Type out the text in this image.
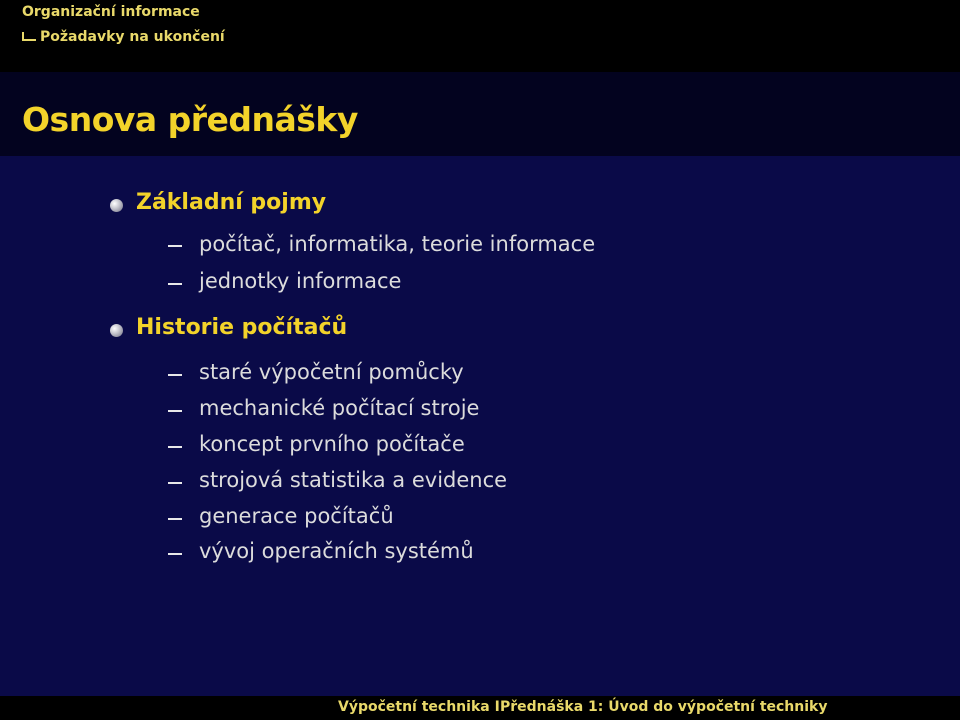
Organizační informace
Požadavky na ukončení
Osnova přednášky
Základní pojmy
počítač, informatika, teorie informace
jednotky informace
Historie počítačů
staré výpočetní pomůcky
mechanické počítací stroje
koncept prvního počítače
strojová statistika a evidence
generace počítačů
vývoj operačních systémů
Výpočetní technika I Přednáška 1: Úvod do výpočetní techniky
